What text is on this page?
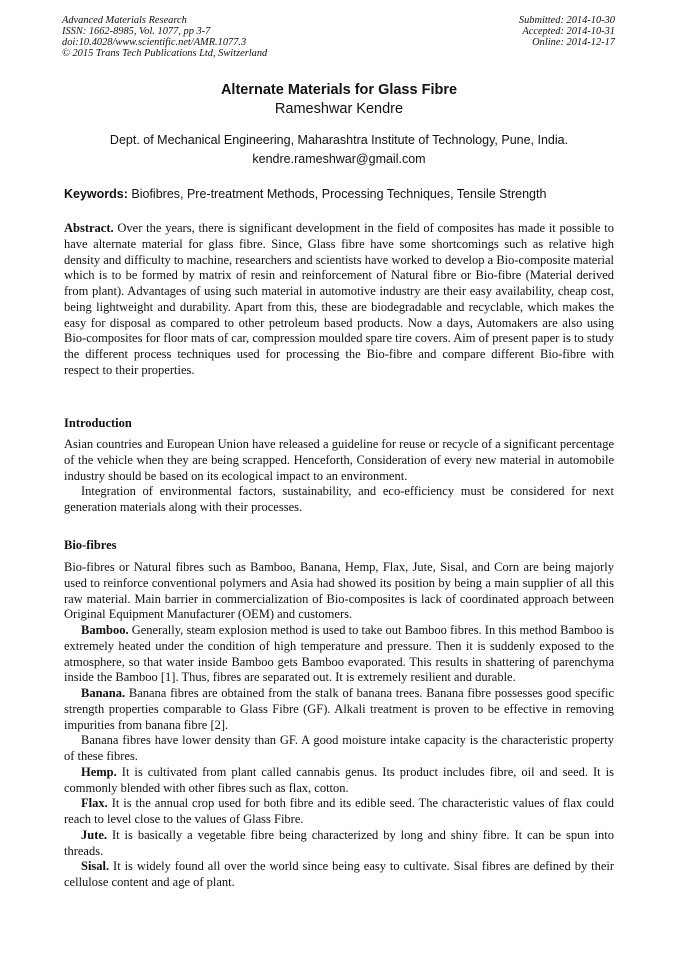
Advanced Materials Research
ISSN: 1662-8985, Vol. 1077, pp 3-7
doi:10.4028/www.scientific.net/AMR.1077.3
© 2015 Trans Tech Publications Ltd, Switzerland
Submitted: 2014-10-30
Accepted: 2014-10-31
Online: 2014-12-17
Alternate Materials for Glass Fibre
Rameshwar Kendre
Dept. of Mechanical Engineering, Maharashtra Institute of Technology, Pune, India.
kendre.rameshwar@gmail.com
Keywords: Biofibres, Pre-treatment Methods, Processing Techniques, Tensile Strength

Abstract. Over the years, there is significant development in the field of composites has made it possible to have alternate material for glass fibre. Since, Glass fibre have some shortcomings such as relative high density and difficulty to machine, researchers and scientists have worked to develop a Bio-composite material which is to be formed by matrix of resin and reinforcement of Natural fibre or Bio-fibre (Material derived from plant). Advantages of using such material in automotive industry are their easy availability, cheap cost, being lightweight and durability. Apart from this, these are biodegradable and recyclable, which makes the easy for disposal as compared to other petroleum based products. Now a days, Automakers are also using Bio-composites for floor mats of car, compression moulded spare tire covers. Aim of present paper is to study the different process techniques used for processing the Bio-fibre and compare different Bio-fibre with respect to their properties.

Introduction

Asian countries and European Union have released a guideline for reuse or recycle of a significant percentage of the vehicle when they are being scrapped. Henceforth, Consideration of every new material in automobile industry should be based on its ecological impact to an environment.

Integration of environmental factors, sustainability, and eco-efficiency must be considered for next generation materials along with their processes.

Bio-fibres

Bio-fibres or Natural fibres such as Bamboo, Banana, Hemp, Flax, Jute, Sisal, and Corn are being majorly used to reinforce conventional polymers and Asia had showed its position by being a main supplier of all this raw material. Main barrier in commercialization of Bio-composites is lack of coordinated approach between Original Equipment Manufacturer (OEM) and customers.

Bamboo. Generally, steam explosion method is used to take out Bamboo fibres. In this method Bamboo is extremely heated under the condition of high temperature and pressure. Then it is suddenly exposed to the atmosphere, so that water inside Bamboo gets Bamboo evaporated. This results in shattering of parenchyma inside the Bamboo [1]. Thus, fibres are separated out. It is extremely resilient and durable.

Banana. Banana fibres are obtained from the stalk of banana trees. Banana fibre possesses good specific strength properties comparable to Glass Fibre (GF). Alkali treatment is proven to be effective in removing impurities from banana fibre [2].

Banana fibres have lower density than GF. A good moisture intake capacity is the characteristic property of these fibres.

Hemp. It is cultivated from plant called cannabis genus. Its product includes fibre, oil and seed. It is commonly blended with other fibres such as flax, cotton.

Flax. It is the annual crop used for both fibre and its edible seed. The characteristic values of flax could reach to level close to the values of Glass Fibre.

Jute. It is basically a vegetable fibre being characterized by long and shiny fibre. It can be spun into threads.

Sisal. It is widely found all over the world since being easy to cultivate. Sisal fibres are defined by their cellulose content and age of plant.
